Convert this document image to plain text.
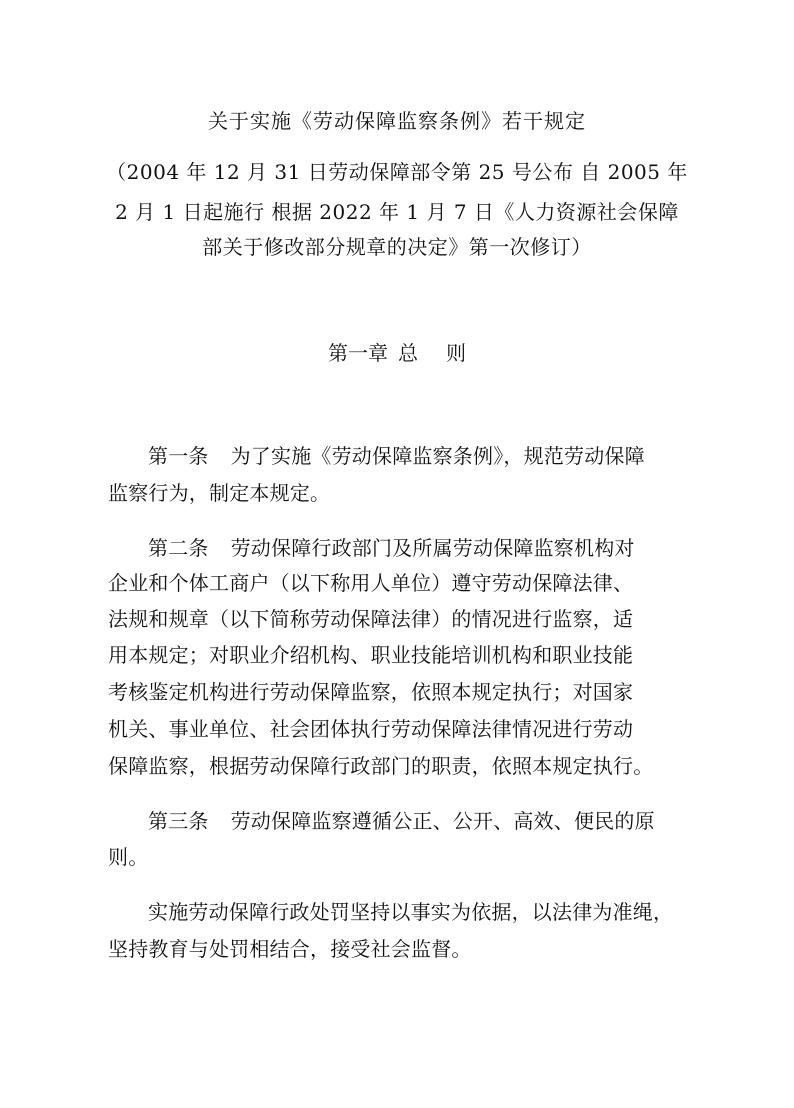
关于实施《劳动保障监察条例》若干规定
（2004 年 12 月 31 日劳动保障部令第 25 号公布 自 2005 年
2 月 1 日起施行 根据 2022 年 1 月 7 日《人力资源社会保障
部关于修改部分规章的决定》第一次修订）
第一章 总 则
第一条 为了实施《劳动保障监察条例》，规范劳动保障
监察行为，制定本规定。
第二条 劳动保障行政部门及所属劳动保障监察机构对
企业和个体工商户（以下称用人单位）遵守劳动保障法律、
法规和规章（以下简称劳动保障法律）的情况进行监察，适
用本规定；对职业介绍机构、职业技能培训机构和职业技能
考核鉴定机构进行劳动保障监察，依照本规定执行；对国家
机关、事业单位、社会团体执行劳动保障法律情况进行劳动
保障监察，根据劳动保障行政部门的职责，依照本规定执行。
第三条 劳动保障监察遵循公正、公开、高效、便民的原
则。
实施劳动保障行政处罚坚持以事实为依据，以法律为准绳，
坚持教育与处罚相结合，接受社会监督。
